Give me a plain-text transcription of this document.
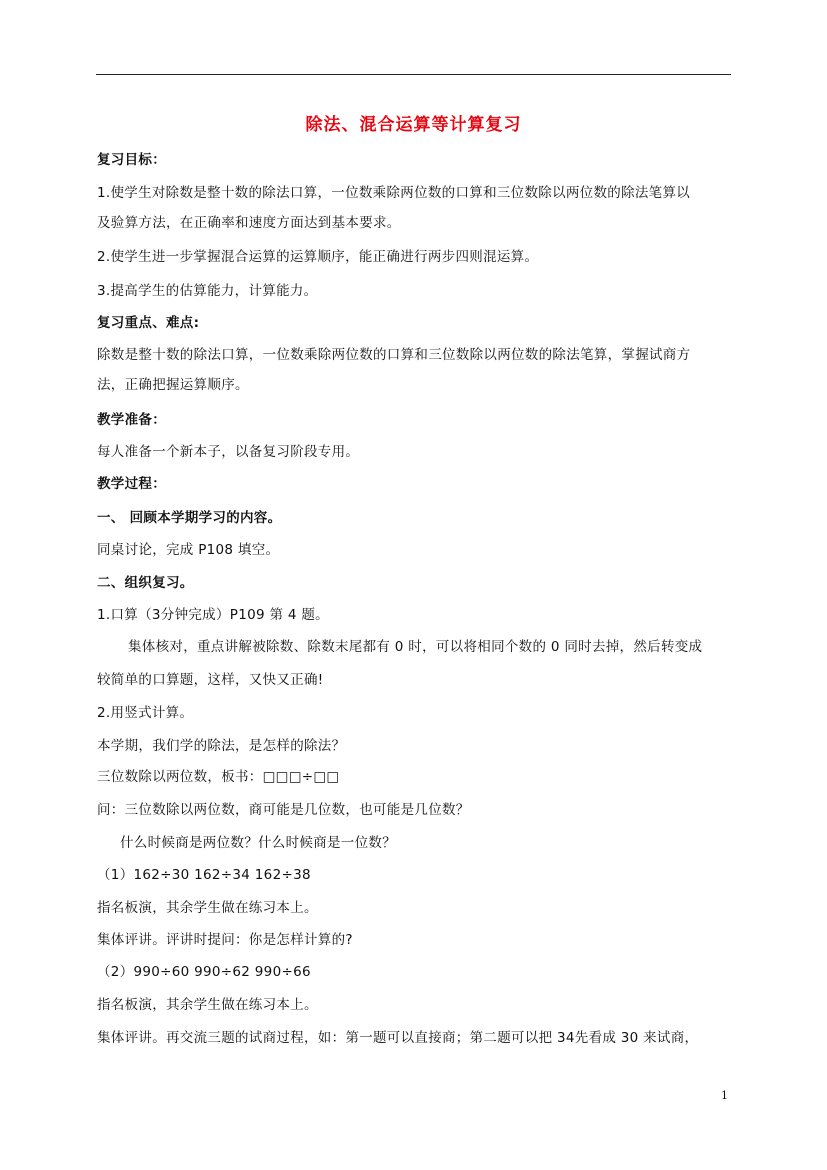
除法、混合运算等计算复习
复习目标：
1.使学生对除数是整十数的除法口算，一位数乘除两位数的口算和三位数除以两位数的除法笔算以
及验算方法，在正确率和速度方面达到基本要求。
2.使学生进一步掌握混合运算的运算顺序，能正确进行两步四则混运算。
3.提高学生的估算能力，计算能力。
复习重点、难点:
除数是整十数的除法口算，一位数乘除两位数的口算和三位数除以两位数的除法笔算，掌握试商方
法，正确把握运算顺序。
教学准备：
每人准备一个新本子，以备复习阶段专用。
教学过程：
一、 回顾本学期学习的内容。
同桌讨论，完成 P108 填空。
二、组织复习。
1.口算（3分钟完成）P109 第 4 题。
集体核对，重点讲解被除数、除数末尾都有 0 时，可以将相同个数的 0 同时去掉，然后转变成
较简单的口算题，这样，又快又正确!
2.用竖式计算。
本学期，我们学的除法，是怎样的除法？
三位数除以两位数，板书：□□□÷□□
问：三位数除以两位数，商可能是几位数，也可能是几位数？
什么时候商是两位数？什么时候商是一位数？
（1）162÷30 162÷34 162÷38
指名板演，其余学生做在练习本上。
集体评讲。评讲时提问：你是怎样计算的?
（2）990÷60 990÷62 990÷66
指名板演，其余学生做在练习本上。
集体评讲。再交流三题的试商过程，如：第一题可以直接商；第二题可以把 34先看成 30 来试商，
1
